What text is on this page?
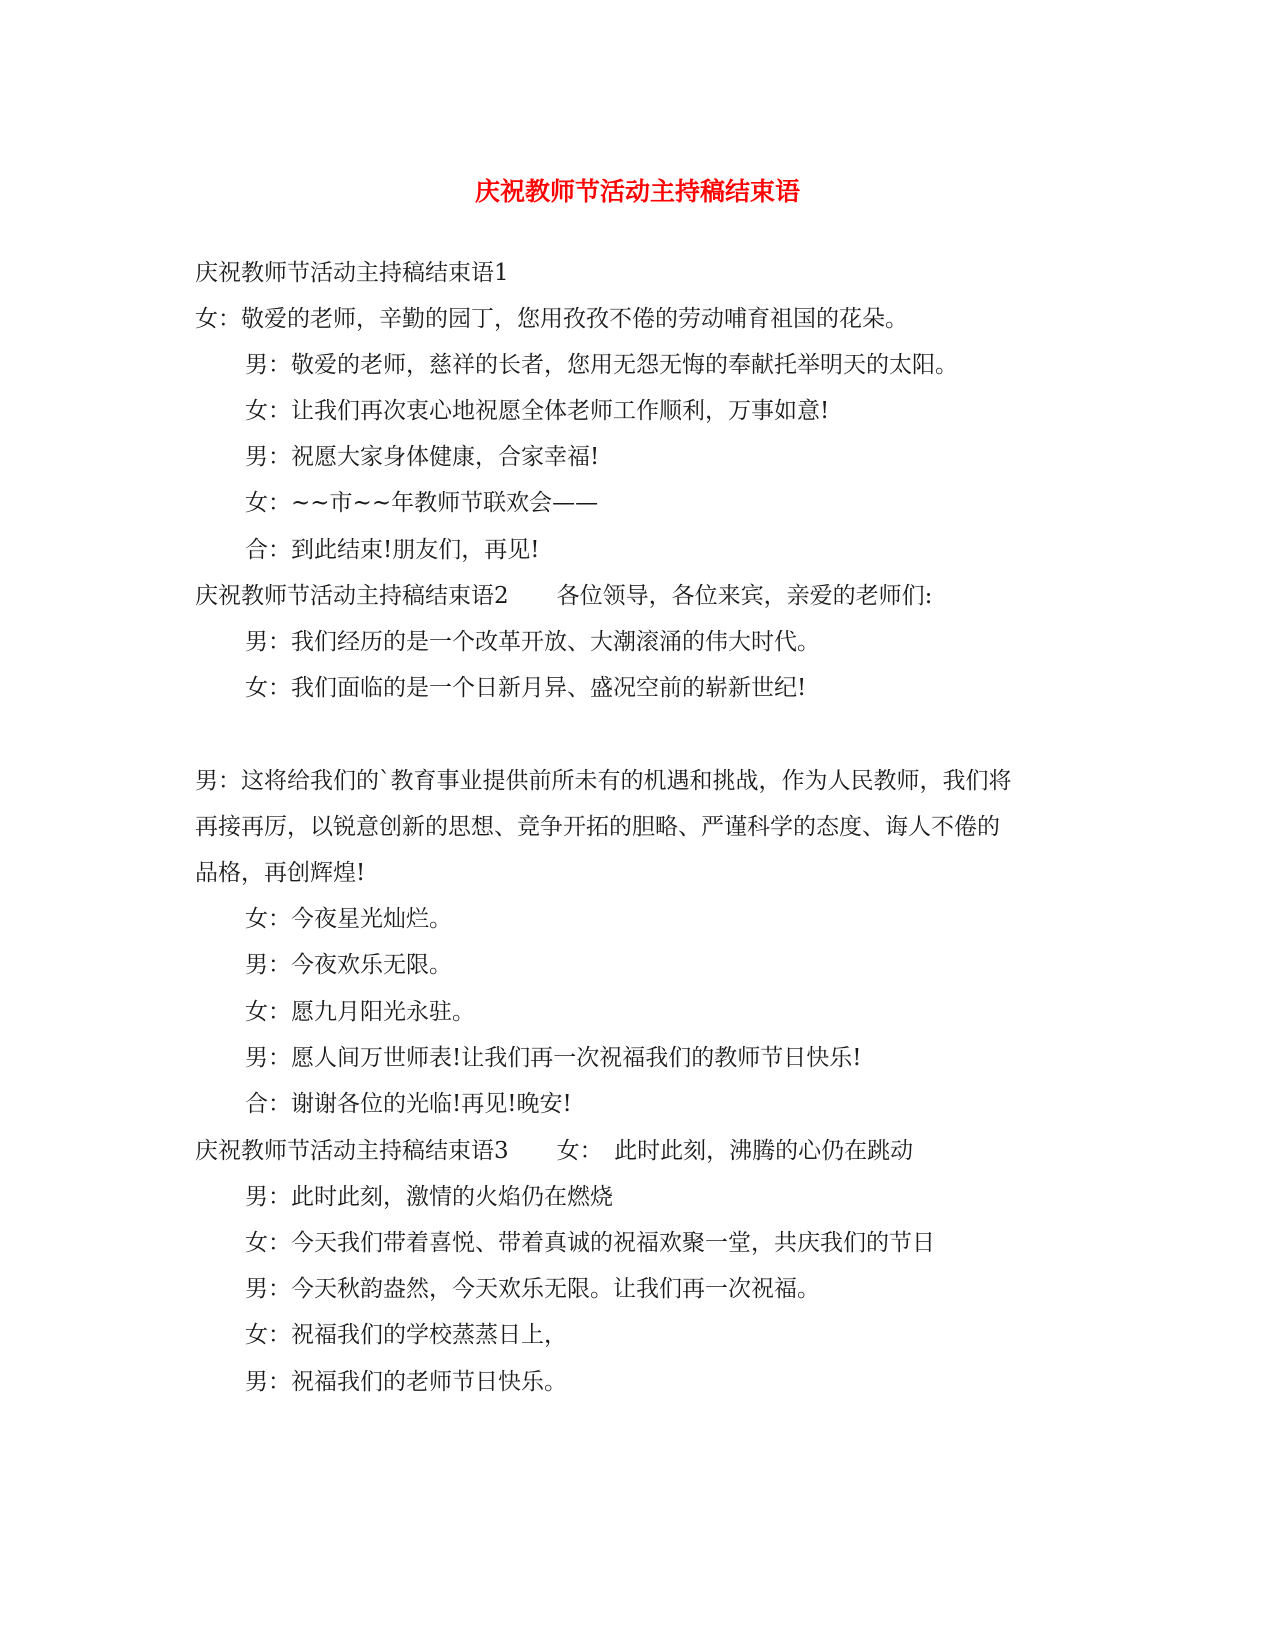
庆祝教师节活动主持稿结束语
庆祝教师节活动主持稿结束语1
女：敬爱的老师，辛勤的园丁，您用孜孜不倦的劳动哺育祖国的花朵。
男：敬爱的老师，慈祥的长者，您用无怨无悔的奉献托举明天的太阳。
女：让我们再次衷心地祝愿全体老师工作顺利，万事如意!
男：祝愿大家身体健康，合家幸福!
女：~~市~~年教师节联欢会——
合：到此结束!朋友们，再见!
庆祝教师节活动主持稿结束语2 各位领导，各位来宾，亲爱的老师们:
男：我们经历的是一个改革开放、大潮滚涌的伟大时代。
女：我们面临的是一个日新月异、盛况空前的崭新世纪!
男：这将给我们的`教育事业提供前所未有的机遇和挑战，作为人民教师，我们将
再接再厉，以锐意创新的思想、竞争开拓的胆略、严谨科学的态度、诲人不倦的
品格，再创辉煌!
女：今夜星光灿烂。
男：今夜欢乐无限。
女：愿九月阳光永驻。
男：愿人间万世师表!让我们再一次祝福我们的教师节日快乐!
合：谢谢各位的光临!再见!晚安!
庆祝教师节活动主持稿结束语3 女：　此时此刻，沸腾的心仍在跳动
男：此时此刻，激情的火焰仍在燃烧
女：今天我们带着喜悦、带着真诚的祝福欢聚一堂，共庆我们的节日
男：今天秋韵盎然，今天欢乐无限。让我们再一次祝福。
女：祝福我们的学校蒸蒸日上，
男：祝福我们的老师节日快乐。
